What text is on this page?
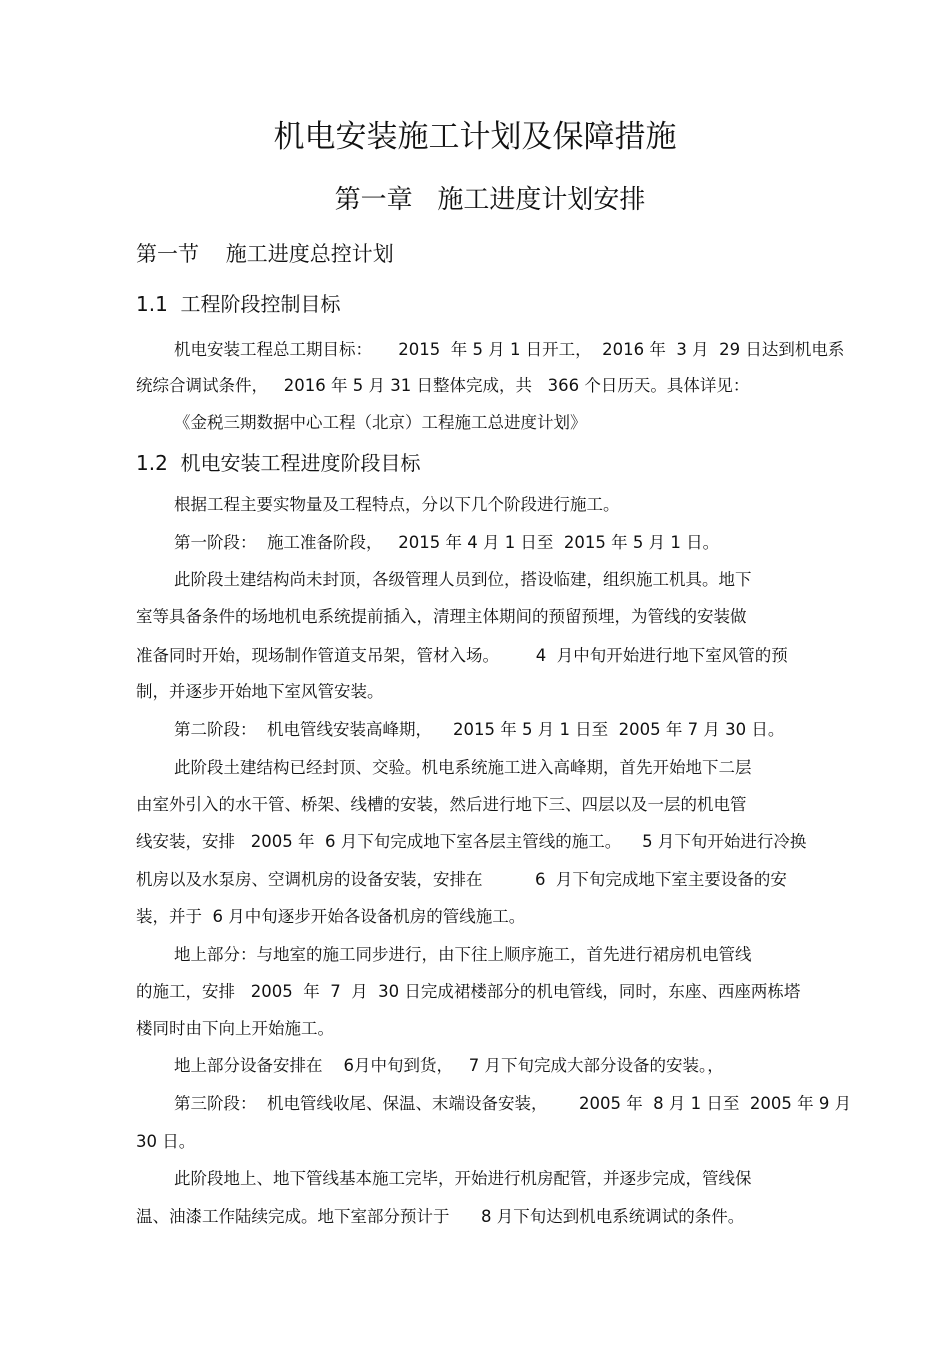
机电安装施工计划及保障措施
第一章   施工进度计划安排
第一节    施工进度总控计划
1.1  工程阶段控制目标
机电安装工程总工期目标：     2015  年 5 月 1 日开工，  2016 年  3 月  29 日达到机电系
统综合调试条件，   2016 年 5 月 31 日整体完成，共   366 个日历天。具体详见：
《金税三期数据中心工程（北京）工程施工总进度计划》
1.2  机电安装工程进度阶段目标
根据工程主要实物量及工程特点，分以下几个阶段进行施工。
第一阶段：  施工准备阶段，   2015 年 4 月 1 日至  2015 年 5 月 1 日。
此阶段土建结构尚未封顶，各级管理人员到位，搭设临建，组织施工机具。地下
室等具备条件的场地机电系统提前插入，清理主体期间的预留预埋，为管线的安装做
准备同时开始，现场制作管道支吊架，管材入场。       4  月中旬开始进行地下室风管的预
制，并逐步开始地下室风管安装。
第二阶段：  机电管线安装高峰期，    2015 年 5 月 1 日至  2005 年 7 月 30 日。
此阶段土建结构已经封顶、交验。机电系统施工进入高峰期，首先开始地下二层
由室外引入的水干管、桥架、线槽的安装，然后进行地下三、四层以及一层的机电管
线安装，安排   2005 年  6 月下旬完成地下室各层主管线的施工。    5 月下旬开始进行冷换
机房以及水泵房、空调机房的设备安装，安排在          6  月下旬完成地下室主要设备的安
装，并于  6 月中旬逐步开始各设备机房的管线施工。
地上部分：与地室的施工同步进行，由下往上顺序施工，首先进行裙房机电管线
的施工，安排   2005  年  7  月  30 日完成裙楼部分的机电管线，同时，东座、西座两栋塔
楼同时由下向上开始施工。
地上部分设备安排在    6月中旬到货，   7 月下旬完成大部分设备的安装。，
第三阶段：  机电管线收尾、保温、末端设备安装，      2005 年  8 月 1 日至  2005 年 9 月
30 日。
此阶段地上、地下管线基本施工完毕，开始进行机房配管，并逐步完成，管线保
温、油漆工作陆续完成。地下室部分预计于      8 月下旬达到机电系统调试的条件。
